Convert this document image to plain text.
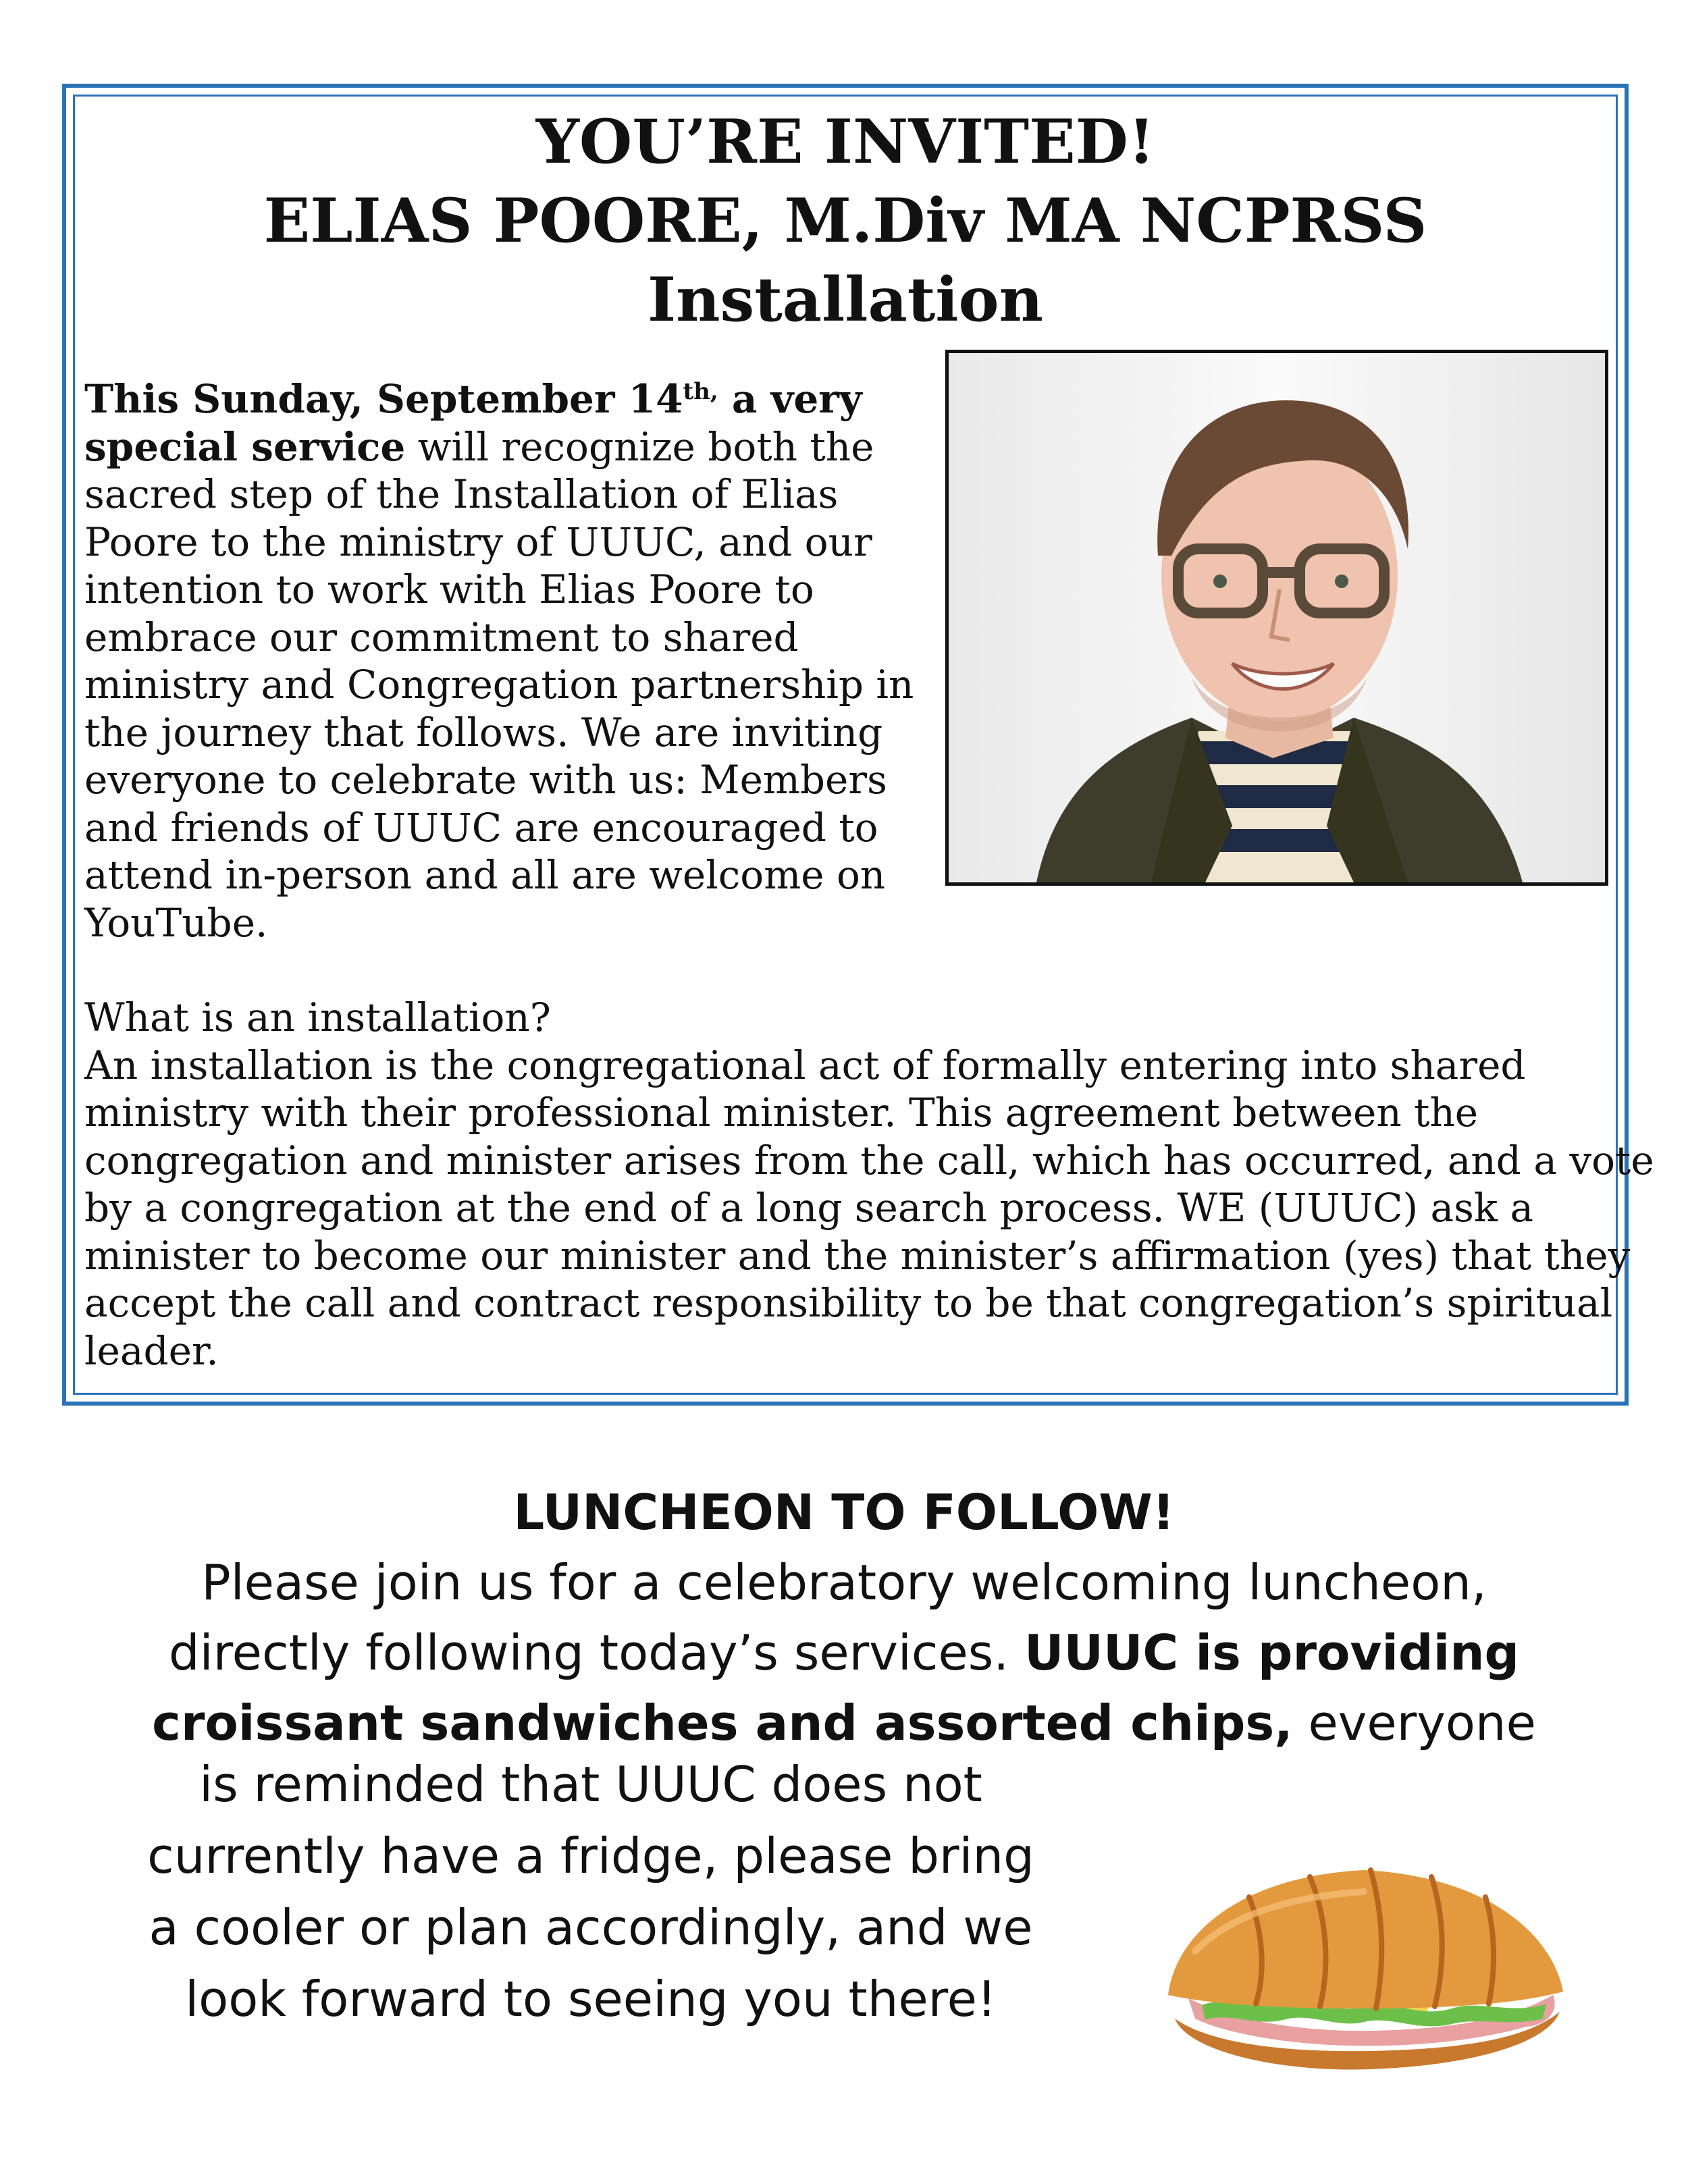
YOU’RE INVITED!
ELIAS POORE, M.Div MA NCPRSS
Installation
This Sunday, September $14^{th,}$ a very
special service will recognize both the
sacred step of the Installation of Elias
Poore to the ministry of UUUC, and our
intention to work with Elias Poore to
embrace our commitment to shared
ministry and Congregation partnership in
the journey that follows. We are inviting
everyone to celebrate with us: Members
and friends of UUUC are encouraged to
attend in-person and all are welcome on
YouTube.
What is an installation?
An installation is the congregational act of formally entering into shared
ministry with their professional minister. This agreement between the
congregation and minister arises from the call, which has occurred, and a vote
by a congregation at the end of a long search process. WE (UUUC) ask a
minister to become our minister and the minister’s affirmation (yes) that they
accept the call and contract responsibility to be that congregation’s spiritual
leader.
LUNCHEON TO FOLLOW!
Please join us for a celebratory welcoming luncheon,
directly following today’s services. UUUC is providing
croissant sandwiches and assorted chips, everyone
is reminded that UUUC does not
currently have a fridge, please bring
a cooler or plan accordingly, and we
look forward to seeing you there!
